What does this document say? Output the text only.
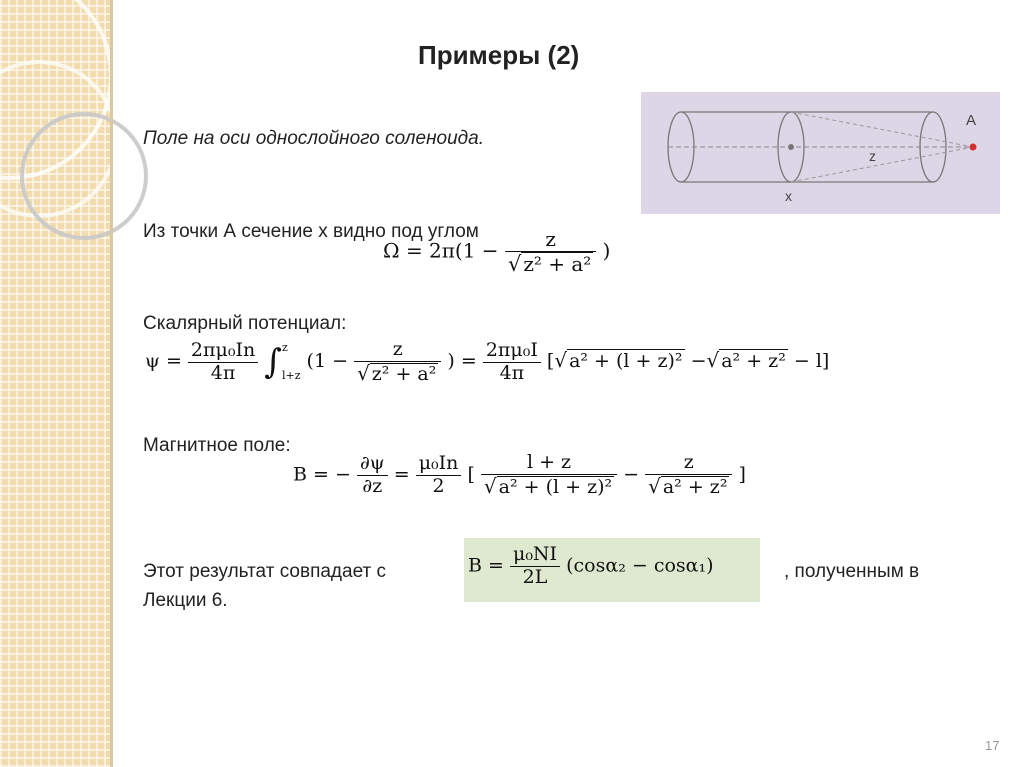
Примеры (2)
Поле на оси однослойного соленоида.
A
z
x
Из точки А сечение х видно под углом
$\Omega = 2\pi(1 - \frac{z}{\text{√ z² + a²}}$ )
Скалярный потенциал:
$\psi = \frac{\text{2πμ₀In}}{4\pi}$ ∫ z
l+z
($1 - \frac{z}{\text{√ z² + a²}}$ ) = $\frac{\text{2πμ₀I}}{4\pi}$ [√ a² + (l + z)² −√ a² + z² − l]
Магнитное поле:
B = − $\frac{\partial\psi}{\partial z} = \frac{\text{μ₀In}}{2}$ [ $\frac{l + z}{\text{√ a² + (l + z)²}} - \frac{z}{\text{√ a² + z²}}$ ]
Этот результат совпадает с	$B = \frac{\text{μ₀NI}}{2L} (\cos\alpha_2 - \cos\alpha_1)$	, полученным в
Лекции 6.
17
